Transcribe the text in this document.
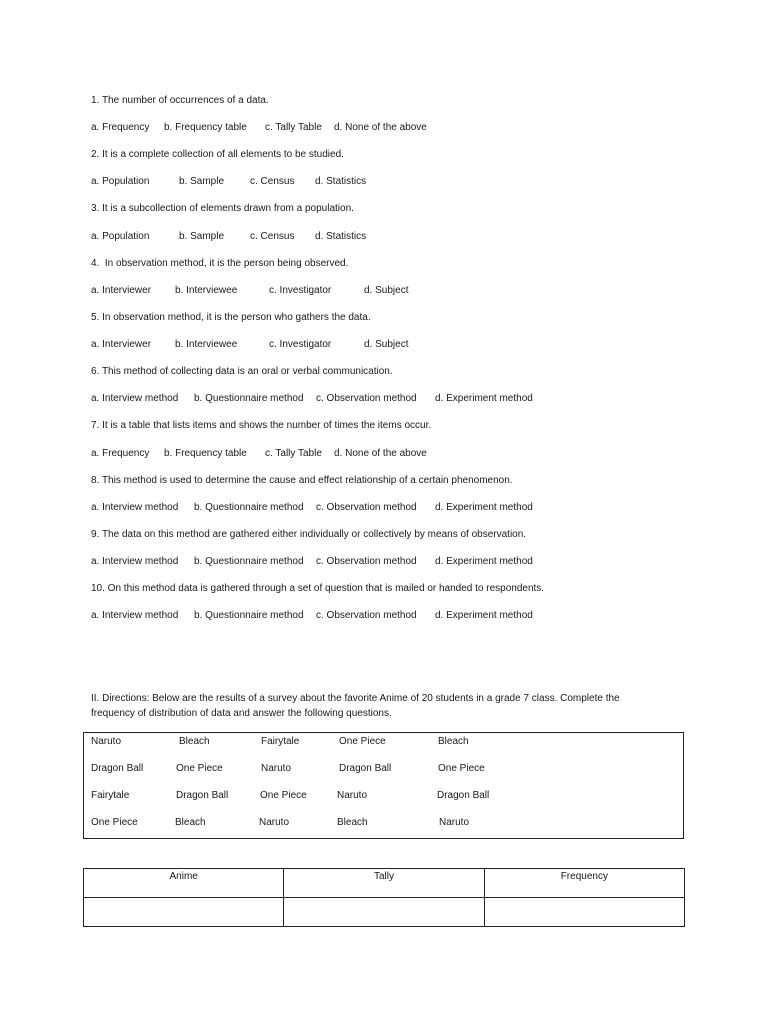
1. The number of occurrences of a data.
a. Frequency b. Frequency table c. Tally Table d. None of the above
2. It is a complete collection of all elements to be studied.
a. Population	b. Sample	c. Census d. Statistics
3. It is a subcollection of elements drawn from a population.
a. Population	b. Sample	c. Census d. Statistics
4.  In observation method, it is the person being observed.
a. Interviewer b. Interviewee	c. Investigator	d. Subject
5. In observation method, it is the person who gathers the data.
a. Interviewer b. Interviewee	c. Investigator	d. Subject
6. This method of collecting data is an oral or verbal communication.
a. Interview method b. Questionnaire method c. Observation method d. Experiment method
7. It is a table that lists items and shows the number of times the items occur.
a. Frequency b. Frequency table c. Tally Table d. None of the above
8. This method is used to determine the cause and effect relationship of a certain phenomenon.
a. Interview method b. Questionnaire method c. Observation method d. Experiment method
9. The data on this method are gathered either individually or collectively by means of observation.
a. Interview method b. Questionnaire method c. Observation method d. Experiment method
10. On this method data is gathered through a set of question that is mailed or handed to respondents.
a. Interview method b. Questionnaire method c. Observation method d. Experiment method
II. Directions: Below are the results of a survey about the favorite Anime of 20 students in a grade 7 class. Complete the frequency of distribution of data and answer the following questions.
Naruto	Bleach	Fairytale	One Piece	Bleach
Dragon Ball	One Piece	Naruto	Dragon Ball	One Piece
Fairytale	Dragon Ball	One Piece	Naruto	Dragon Ball
One Piece	Bleach	Naruto	Bleach	Naruto
Anime	Tally	Frequency
